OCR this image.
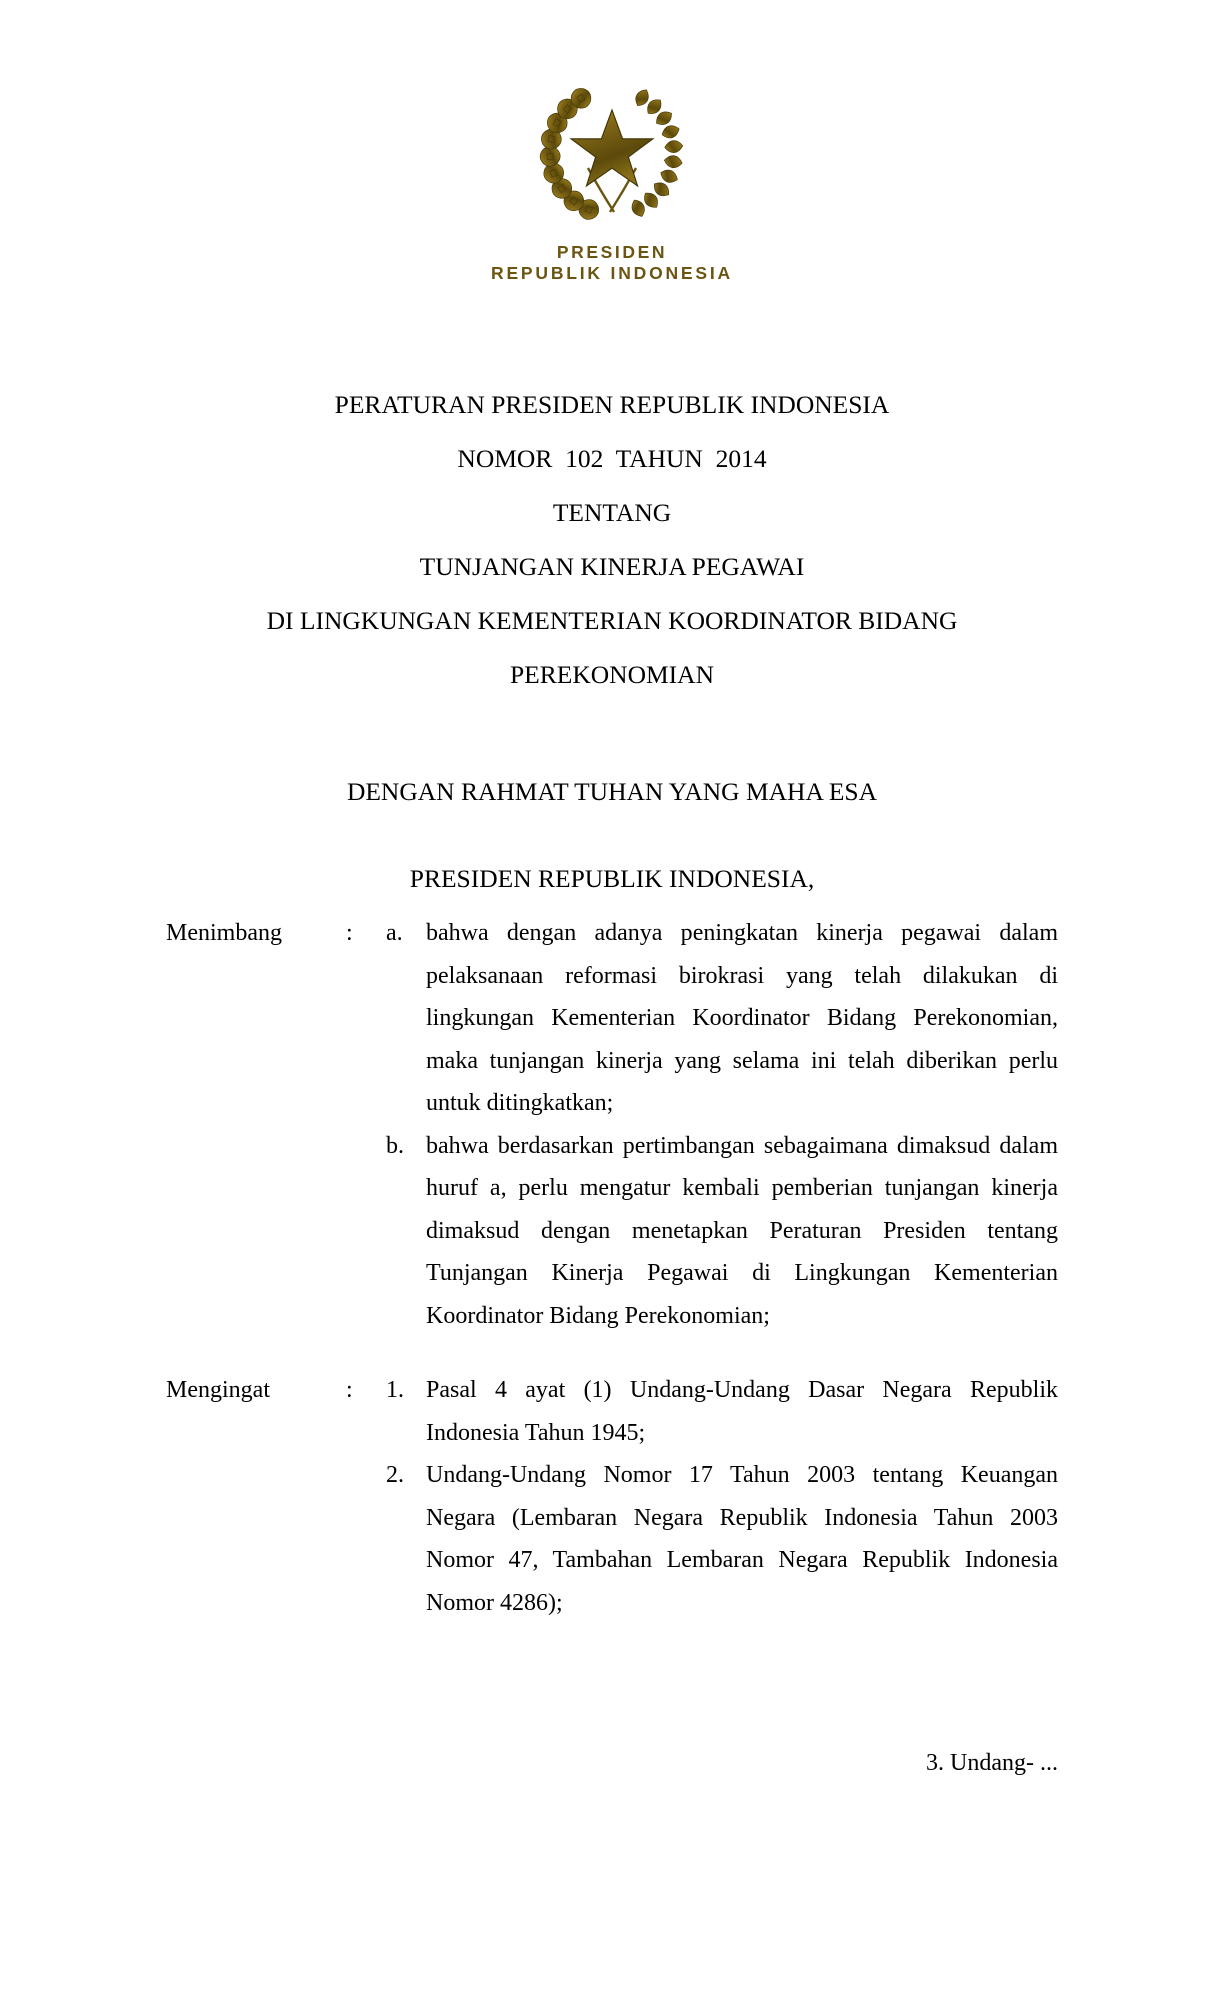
PRESIDEN
REPUBLIK INDONESIA
PERATURAN PRESIDEN REPUBLIK INDONESIA
NOMOR  102  TAHUN  2014
TENTANG
TUNJANGAN KINERJA PEGAWAI
DI LINGKUNGAN KEMENTERIAN KOORDINATOR BIDANG
PEREKONOMIAN
DENGAN RAHMAT TUHAN YANG MAHA ESA
PRESIDEN REPUBLIK INDONESIA,
Menimbang	:	a. bahwa dengan adanya peningkatan kinerja pegawai dalam pelaksanaan reformasi birokrasi yang telah dilakukan di lingkungan Kementerian Koordinator Bidang Perekonomian, maka tunjangan kinerja yang selama ini telah diberikan perlu untuk ditingkatkan;
b. bahwa berdasarkan pertimbangan sebagaimana dimaksud dalam huruf a, perlu mengatur kembali pemberian tunjangan kinerja dimaksud dengan menetapkan Peraturan Presiden tentang Tunjangan Kinerja Pegawai di Lingkungan Kementerian Koordinator Bidang Perekonomian;
Mengingat	:	1. Pasal 4 ayat (1) Undang-Undang Dasar Negara Republik Indonesia Tahun 1945;
2. Undang-Undang Nomor 17 Tahun 2003 tentang Keuangan Negara (Lembaran Negara Republik Indonesia Tahun 2003 Nomor 47, Tambahan Lembaran Negara Republik Indonesia Nomor 4286);
3. Undang- ...
